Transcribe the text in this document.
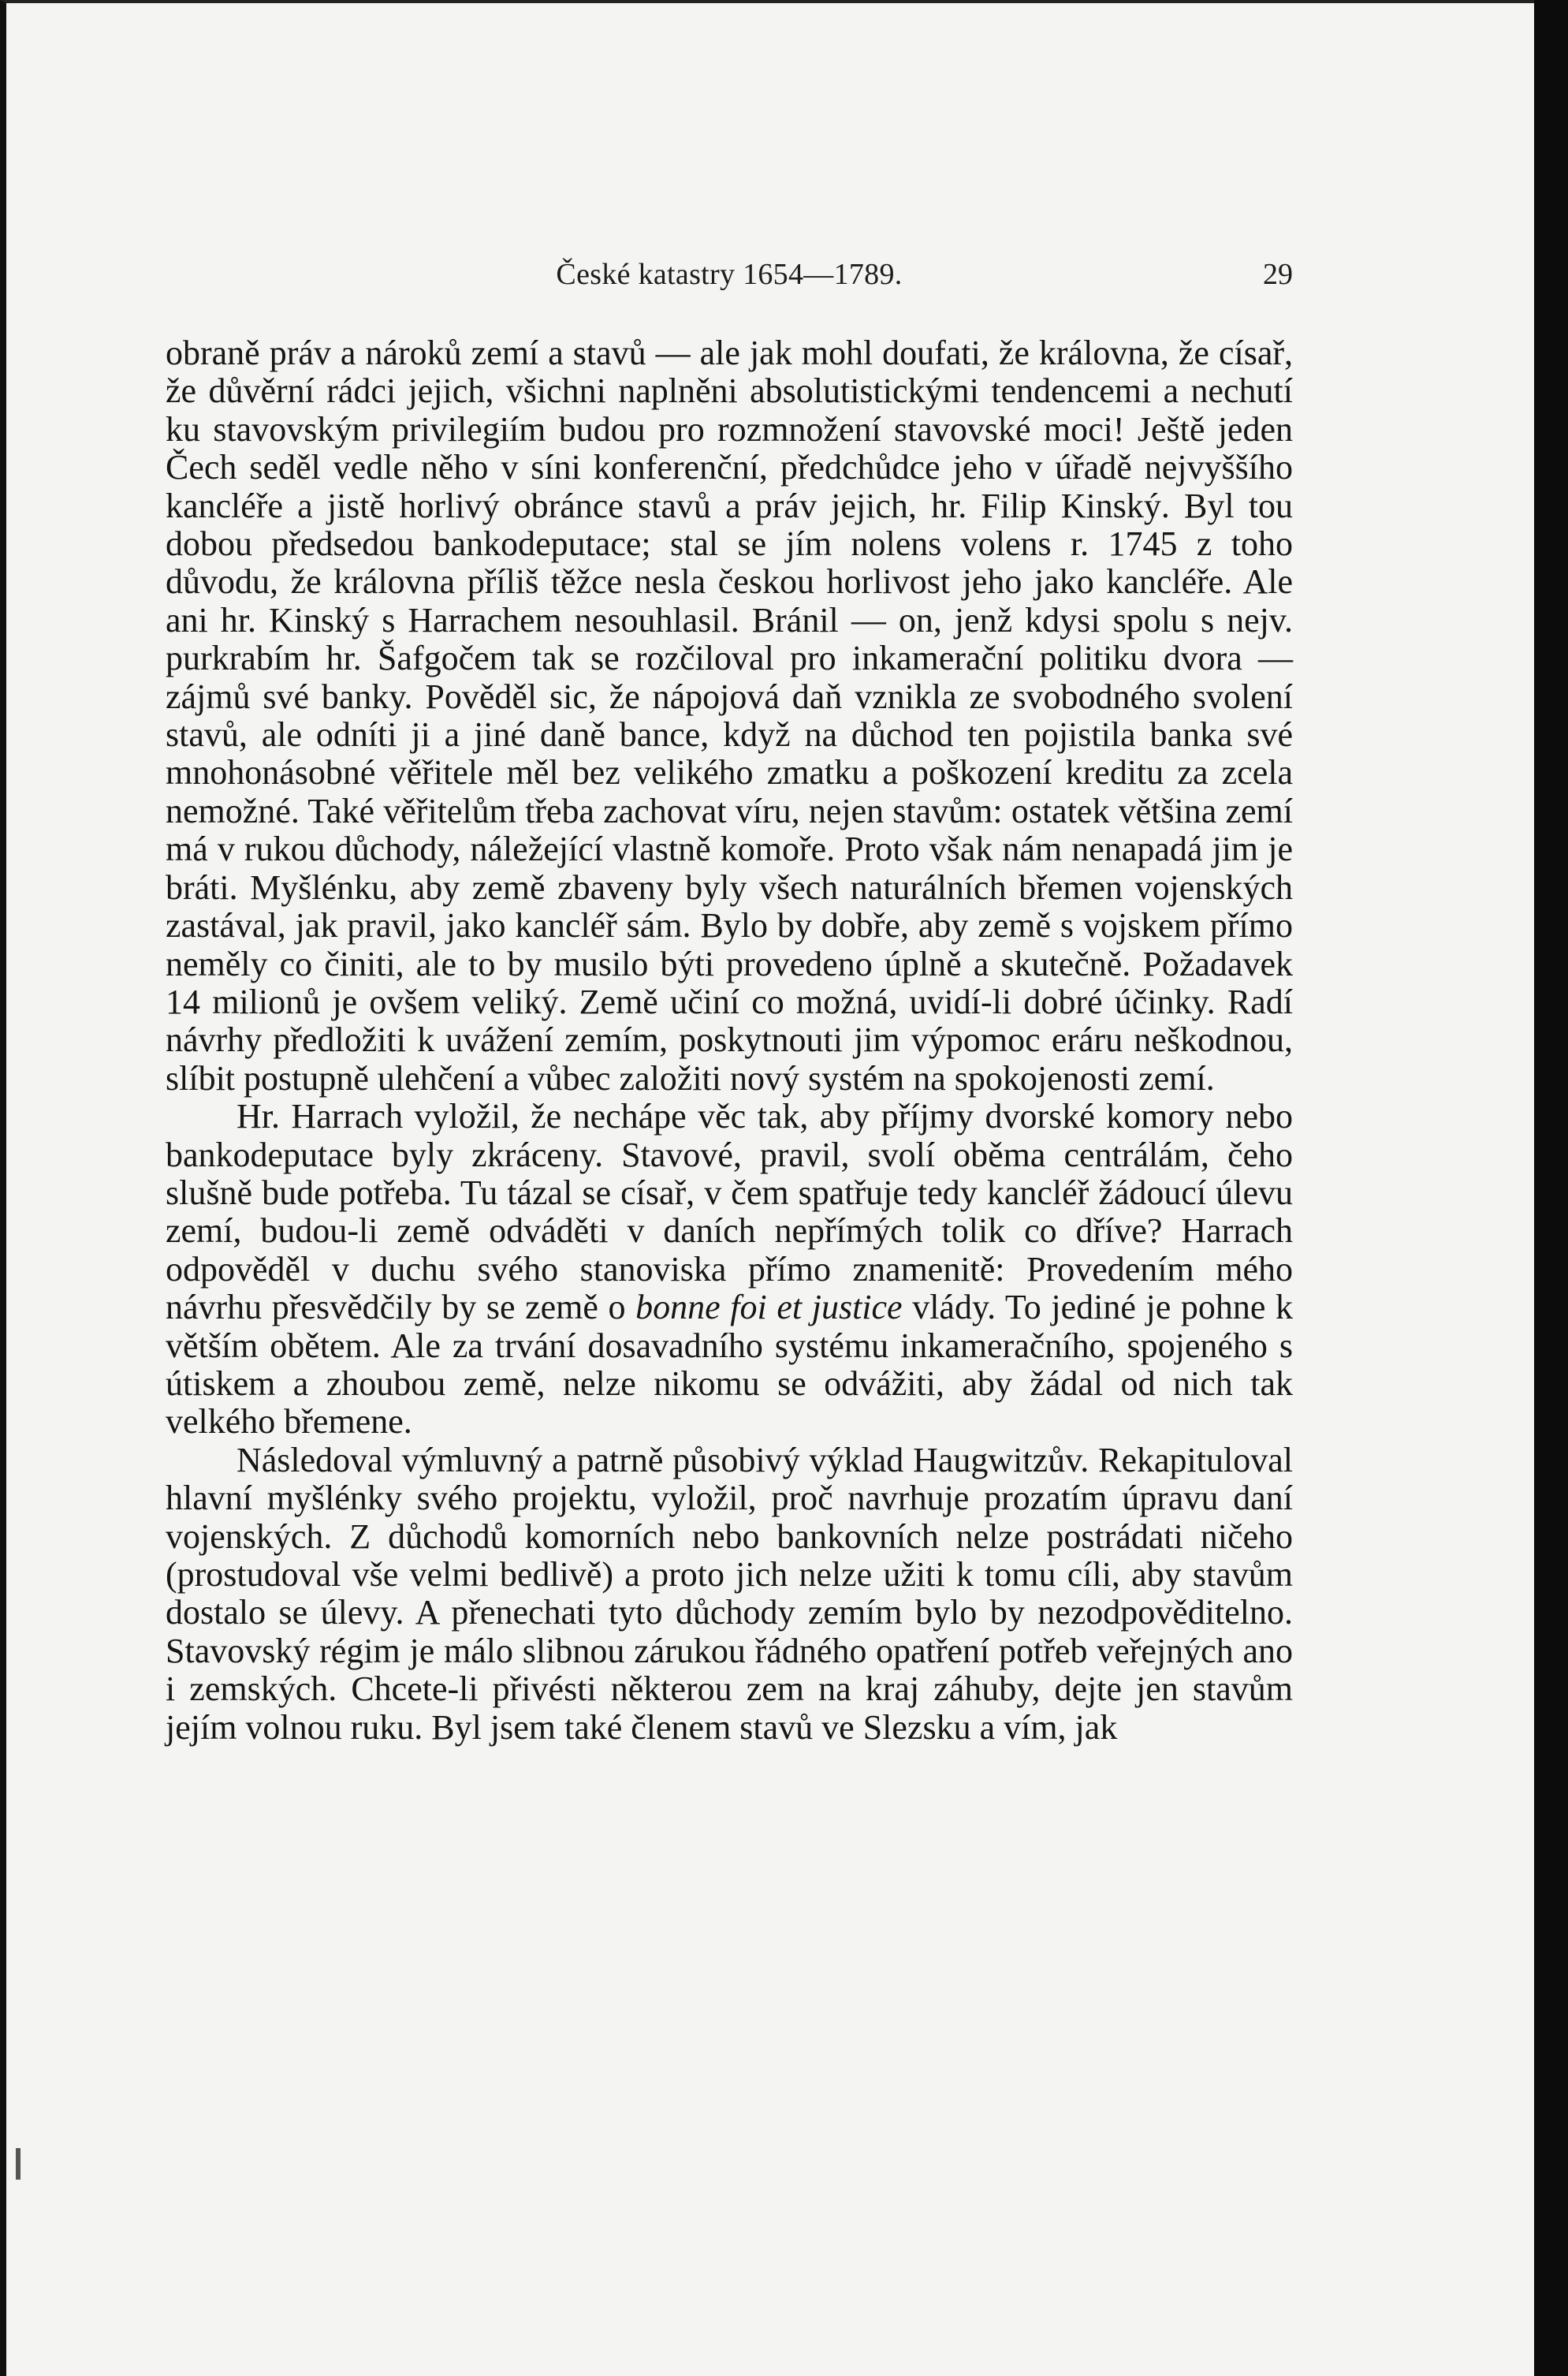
České katastry 1654—1789.	29

obraně práv a nároků zemí a stavů — ale jak mohl doufati, že královna, že císař, že důvěrní rádci jejich, všichni naplněni absolutistickými tendencemi a nechutí ku stavovským privilegiím budou pro rozmnožení stavovské moci! Ještě jeden Čech seděl vedle něho v síni konferenční, předchůdce jeho v úřadě nejvyššího kancléře a jistě horlivý obránce stavů a práv jejich, hr. Filip Kinský. Byl tou dobou předsedou bankodeputace; stal se jím nolens volens r. 1745 z toho důvodu, že královna příliš těžce nesla českou horlivost jeho jako kancléře. Ale ani hr. Kinský s Harrachem nesouhlasil. Bránil — on, jenž kdysi spolu s nejv. purkrabím hr. Šafgočem tak se rozčiloval pro inkamerační politiku dvora — zájmů své banky. Pověděl sic, že nápojová daň vznikla ze svobodného svolení stavů, ale odníti ji a jiné daně bance, když na důchod ten pojistila banka své mnohonásobné věřitele měl bez velikého zmatku a poškození kreditu za zcela nemožné. Také věřitelům třeba zachovat víru, nejen stavům: ostatek většina zemí má v rukou důchody, náležející vlastně komoře. Proto však nám nenapadá jim je bráti. Myšlénku, aby země zbaveny byly všech naturálních břemen vojenských zastával, jak pravil, jako kancléř sám. Bylo by dobře, aby země s vojskem přímo neměly co činiti, ale to by musilo býti provedeno úplně a skutečně. Požadavek 14 milionů je ovšem veliký. Země učiní co možná, uvidí-li dobré účinky. Radí návrhy předložiti k uvážení zemím, poskytnouti jim výpomoc eráru neškodnou, slíbit postupně ulehčení a vůbec založiti nový systém na spokojenosti zemí.

Hr. Harrach vyložil, že nechápe věc tak, aby příjmy dvorské komory nebo bankodeputace byly zkráceny. Stavové, pravil, svolí oběma centrálám, čeho slušně bude potřeba. Tu tázal se císař, v čem spatřuje tedy kancléř žádoucí úlevu zemí, budou-li země odváděti v daních nepřímých tolik co dříve? Harrach odpověděl v duchu svého stanoviska přímo znamenitě: Provedením mého návrhu přesvědčily by se země o bonne foi et justice vlády. To jediné je pohne k větším obětem. Ale za trvání dosavadního systému inkameračního, spojeného s útiskem a zhoubou země, nelze nikomu se odvážiti, aby žádal od nich tak velkého břemene.

Následoval výmluvný a patrně působivý výklad Haugwitzův. Rekapituloval hlavní myšlénky svého projektu, vyložil, proč navrhuje prozatím úpravu daní vojenských. Z důchodů komorních nebo bankovních nelze postrádati ničeho (prostudoval vše velmi bedlivě) a proto jich nelze užiti k tomu cíli, aby stavům dostalo se úlevy. A přenechati tyto důchody zemím bylo by nezodpověditelno. Stavovský régim je málo slibnou zárukou řádného opatření potřeb veřejných ano i zemských. Chcete-li přivésti některou zem na kraj záhuby, dejte jen stavům jejím volnou ruku. Byl jsem také členem stavů ve Slezsku a vím, jak
